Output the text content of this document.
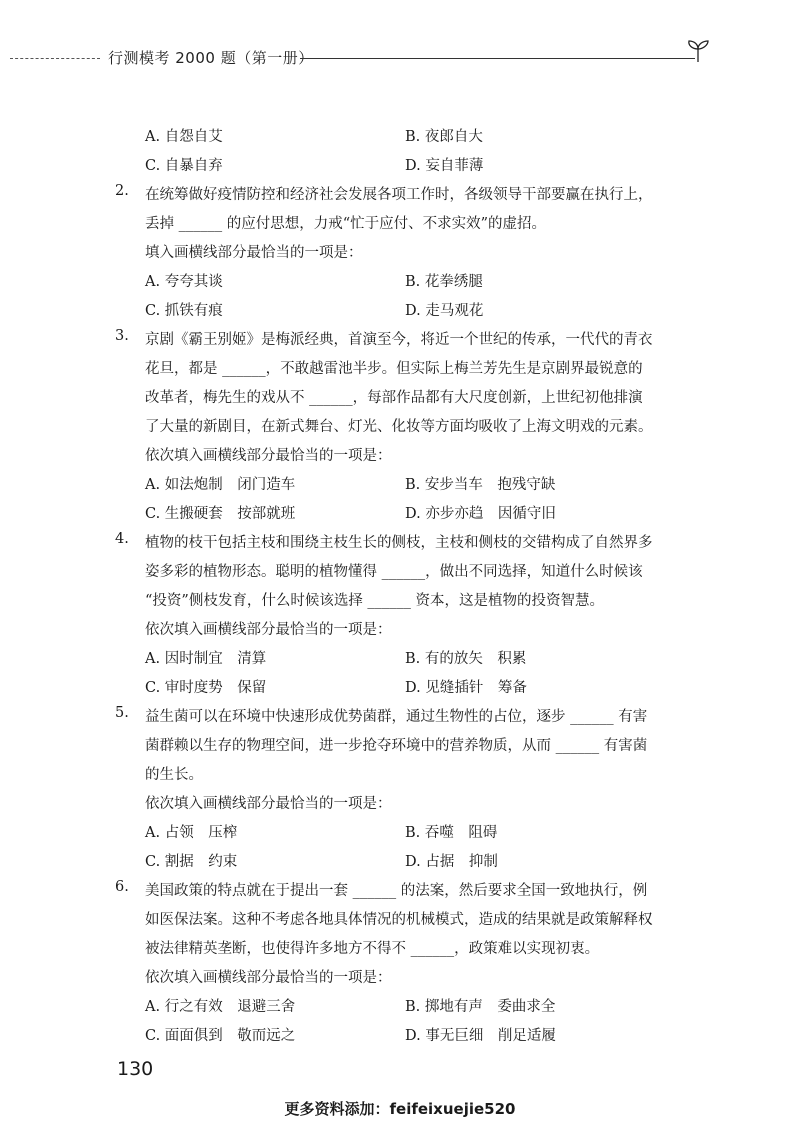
行测模考 2000 题（第一册）
A. 自怨自艾	B. 夜郎自大
C. 自暴自弃	D. 妄自菲薄
2. 在统筹做好疫情防控和经济社会发展各项工作时，各级领导干部要赢在执行上，
丢掉 ______ 的应付思想，力戒“忙于应付、不求实效”的虚招。
填入画横线部分最恰当的一项是：
A. 夸夸其谈	B. 花拳绣腿
C. 抓铁有痕	D. 走马观花
3. 京剧《霸王别姬》是梅派经典，首演至今，将近一个世纪的传承，一代代的青衣
花旦，都是 ______，不敢越雷池半步。但实际上梅兰芳先生是京剧界最锐意的
改革者，梅先生的戏从不 ______，每部作品都有大尺度创新，上世纪初他排演
了大量的新剧目，在新式舞台、灯光、化妆等方面均吸收了上海文明戏的元素。
依次填入画横线部分最恰当的一项是：
A. 如法炮制　闭门造车	B. 安步当车　抱残守缺
C. 生搬硬套　按部就班	D. 亦步亦趋　因循守旧
4. 植物的枝干包括主枝和围绕主枝生长的侧枝，主枝和侧枝的交错构成了自然界多
姿多彩的植物形态。聪明的植物懂得 ______，做出不同选择，知道什么时候该
“投资”侧枝发育，什么时候该选择 ______ 资本，这是植物的投资智慧。
依次填入画横线部分最恰当的一项是：
A. 因时制宜　清算	B. 有的放矢　积累
C. 审时度势　保留	D. 见缝插针　筹备
5. 益生菌可以在环境中快速形成优势菌群，通过生物性的占位，逐步 ______ 有害
菌群赖以生存的物理空间，进一步抢夺环境中的营养物质，从而 ______ 有害菌
的生长。
依次填入画横线部分最恰当的一项是：
A. 占领　压榨	B. 吞噬　阻碍
C. 割据　约束	D. 占据　抑制
6. 美国政策的特点就在于提出一套 ______ 的法案，然后要求全国一致地执行，例
如医保法案。这种不考虑各地具体情况的机械模式，造成的结果就是政策解释权
被法律精英垄断，也使得许多地方不得不 ______，政策难以实现初衷。
依次填入画横线部分最恰当的一项是：
A. 行之有效　退避三舍	B. 掷地有声　委曲求全
C. 面面俱到　敬而远之	D. 事无巨细　削足适履
130
更多资料添加：feifeixuejie520
